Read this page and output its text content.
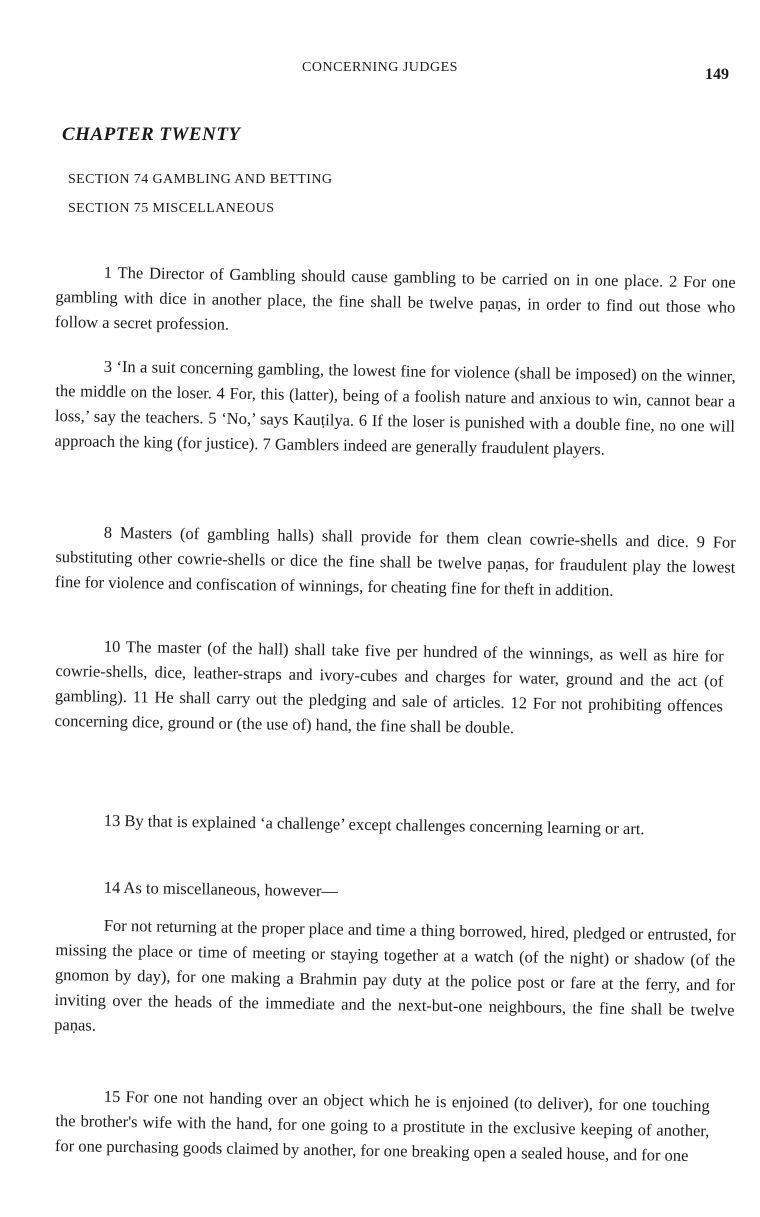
CONCERNING JUDGES	149
CHAPTER TWENTY
SECTION 74 GAMBLING AND BETTING
SECTION 75 MISCELLANEOUS

1 The Director of Gambling should cause gambling to be carried on in one place. 2 For one gambling with dice in another place, the fine shall be twelve paṇas, in order to find out those who follow a secret profession.

3 ‘In a suit concerning gambling, the lowest fine for violence (shall be imposed) on the winner, the middle on the loser. 4 For, this (latter), being of a foolish nature and anxious to win, cannot bear a loss,’ say the teachers. 5 ‘No,’ says Kauṭilya. 6 If the loser is punished with a double fine, no one will approach the king (for justice). 7 Gamblers indeed are generally fraudulent players.

8 Masters (of gambling halls) shall provide for them clean cowrie-shells and dice. 9 For substituting other cowrie-shells or dice the fine shall be twelve paṇas, for fraudulent play the lowest fine for violence and confiscation of winnings, for cheating fine for theft in addition.

10 The master (of the hall) shall take five per hundred of the winnings, as well as hire for cowrie-shells, dice, leather-straps and ivory-cubes and charges for water, ground and the act (of gambling). 11 He shall carry out the pledging and sale of articles. 12 For not prohibiting offences concerning dice, ground or (the use of) hand, the fine shall be double.

13 By that is explained ‘a challenge’ except challenges concerning learning or art.

14 As to miscellaneous, however—

For not returning at the proper place and time a thing borrowed, hired, pledged or entrusted, for missing the place or time of meeting or staying together at a watch (of the night) or shadow (of the gnomon by day), for one making a Brahmin pay duty at the police post or fare at the ferry, and for inviting over the heads of the immediate and the next-but-one neighbours, the fine shall be twelve paṇas.

15 For one not handing over an object which he is enjoined (to deliver), for one touching the brother's wife with the hand, for one going to a prostitute in the exclusive keeping of another, for one purchasing goods claimed by another, for one breaking open a sealed house, and for one
